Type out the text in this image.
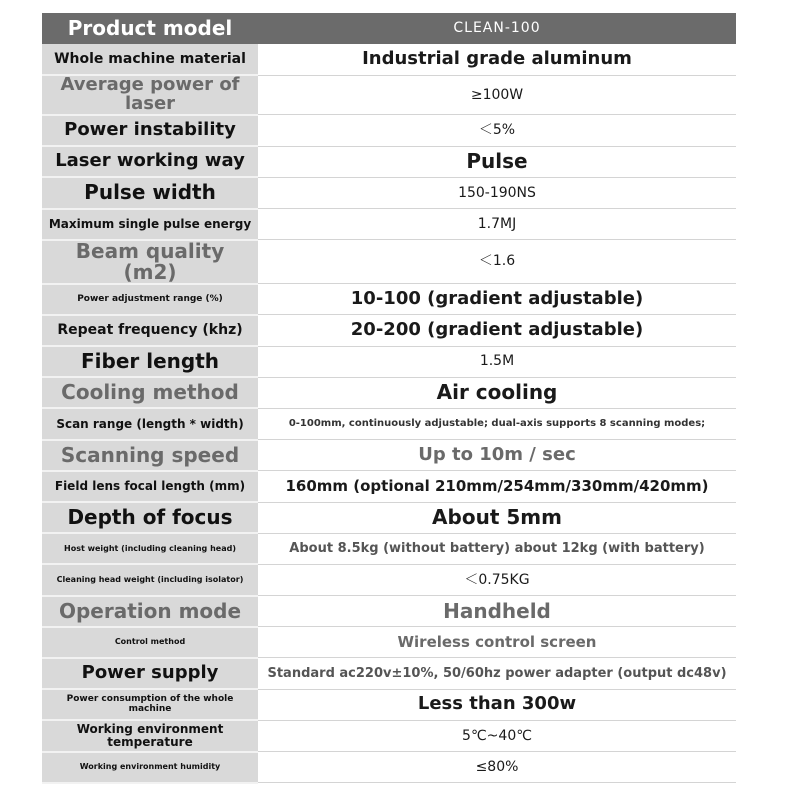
Product model	CLEAN-100
Whole machine material	Industrial grade aluminum
Average power of laser	≥100W
Power instability	＜5%
Laser working way	Pulse
Pulse width	150-190NS
Maximum single pulse energy	1.7MJ
Beam quality (m2)	＜1.6
Power adjustment range (%)	10-100 (gradient adjustable)
Repeat frequency (khz)	20-200 (gradient adjustable)
Fiber length	1.5M
Cooling method	Air cooling
Scan range (length * width)	0-100mm, continuously adjustable; dual-axis supports 8 scanning modes;
Scanning speed	Up to 10m / sec
Field lens focal length (mm)	160mm (optional 210mm/254mm/330mm/420mm)
Depth of focus	About 5mm
Host weight (including cleaning head)	About 8.5kg (without battery) about 12kg (with battery)
Cleaning head weight (including isolator)	＜0.75KG
Operation mode	Handheld
Control method	Wireless control screen
Power supply	Standard ac220v±10%, 50/60hz power adapter (output dc48v)
Power consumption of the whole machine	Less than 300w
Working environment temperature	5℃~40℃
Working environment humidity	≤80%
